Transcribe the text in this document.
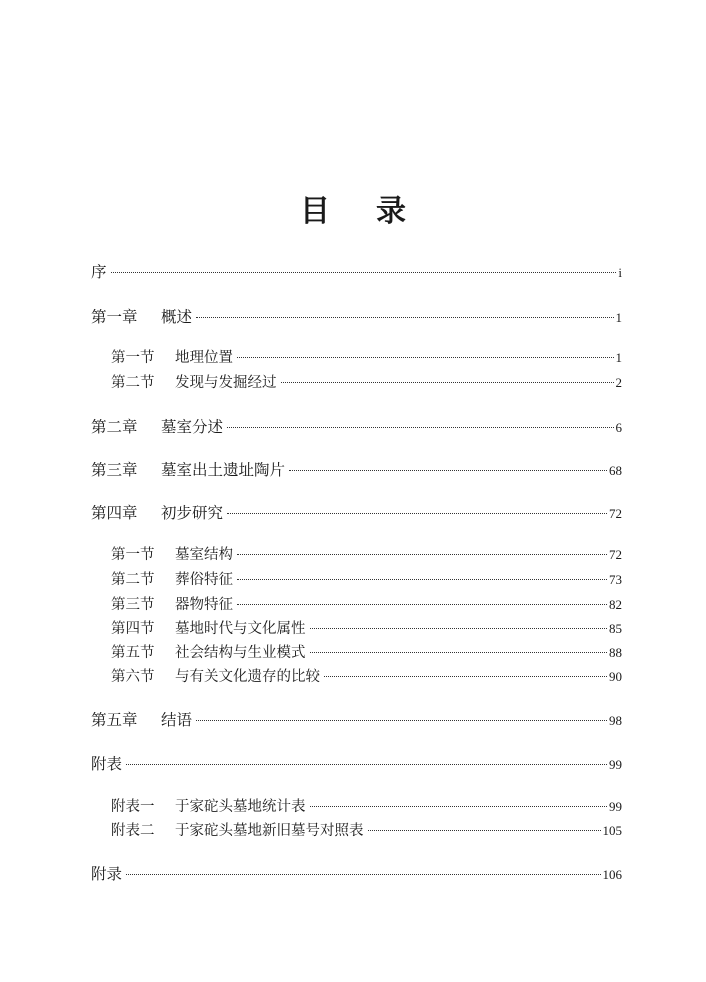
目 录
序	i
第一章	概述	1
第一节	地理位置	1
第二节	发现与发掘经过	2
第二章	墓室分述	6
第三章	墓室出土遗址陶片	68
第四章	初步研究	72
第一节	墓室结构	72
第二节	葬俗特征	73
第三节	器物特征	82
第四节	墓地时代与文化属性	85
第五节	社会结构与生业模式	88
第六节	与有关文化遗存的比较	90
第五章	结语	98
附表	99
附表一	于家砣头墓地统计表	99
附表二	于家砣头墓地新旧墓号对照表	105
附录	106
